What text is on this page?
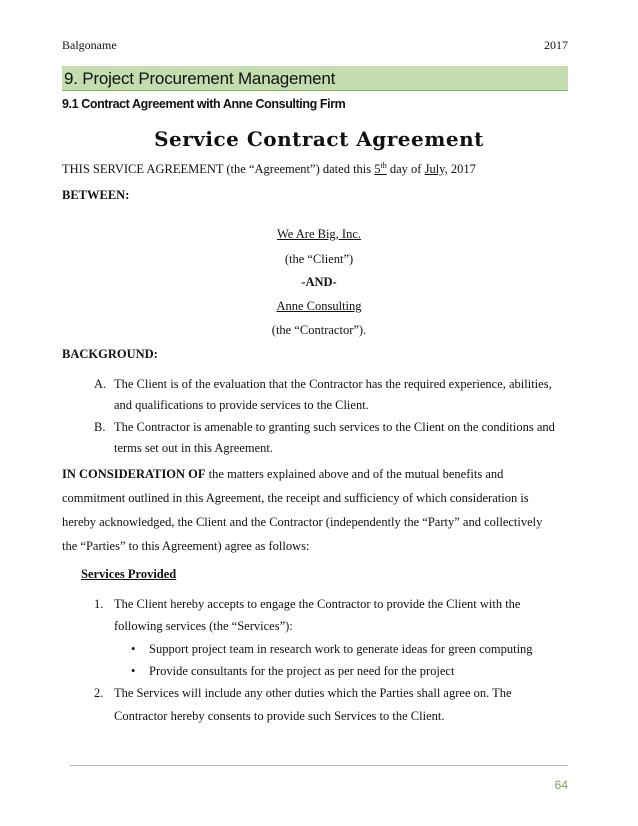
Balgoname	2017
9. Project Procurement Management
9.1 Contract Agreement with Anne Consulting Firm
Service Contract Agreement
THIS SERVICE AGREEMENT (the “Agreement”) dated this 5th day of July, 2017
BETWEEN:
We Are Big, Inc.
(the “Client”)
-AND-
Anne Consulting
(the “Contractor”).
BACKGROUND:
A. The Client is of the evaluation that the Contractor has the required experience, abilities,
and qualifications to provide services to the Client.
B. The Contractor is amenable to granting such services to the Client on the conditions and
terms set out in this Agreement.
IN CONSIDERATION OF the matters explained above and of the mutual benefits and
commitment outlined in this Agreement, the receipt and sufficiency of which consideration is
hereby acknowledged, the Client and the Contractor (independently the “Party” and collectively
the “Parties” to this Agreement) agree as follows:
Services Provided
1. The Client hereby accepts to engage the Contractor to provide the Client with the
following services (the “Services”):
• Support project team in research work to generate ideas for green computing
• Provide consultants for the project as per need for the project
2. The Services will include any other duties which the Parties shall agree on. The
Contractor hereby consents to provide such Services to the Client.
64
